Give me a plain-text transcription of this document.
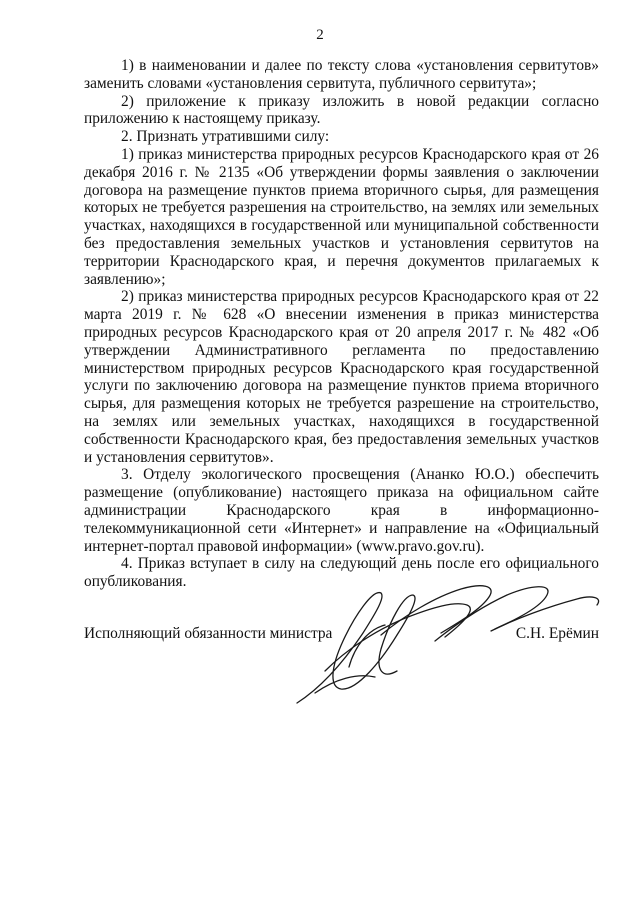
2

1) в наименовании и далее по тексту слова «установления сервитутов» заменить словами «установления сервитута, публичного сервитута»;

2) приложение к приказу изложить в новой редакции согласно приложению к настоящему приказу.

2. Признать утратившими силу:

1) приказ министерства природных ресурсов Краснодарского края от 26 декабря 2016 г. № 2135 «Об утверждении формы заявления о заключении договора на размещение пунктов приема вторичного сырья, для размещения которых не требуется разрешения на строительство, на землях или земельных участках, находящихся в государственной или муниципальной собственности без предоставления земельных участков и установления сервитутов на территории Краснодарского края, и перечня документов прилагаемых к заявлению»;

2) приказ министерства природных ресурсов Краснодарского края от 22 марта 2019 г. № 628 «О внесении изменения в приказ министерства природных ресурсов Краснодарского края от 20 апреля 2017 г. № 482 «Об утверждении Административного регламента по предоставлению министерством природных ресурсов Краснодарского края государственной услуги по заключению договора на размещение пунктов приема вторичного сырья, для размещения которых не требуется разрешение на строительство, на землях или земельных участках, находящихся в государственной собственности Краснодарского края, без предоставления земельных участков и установления сервитутов».

3. Отделу экологического просвещения (Ананко Ю.О.) обеспечить размещение (опубликование) настоящего приказа на официальном сайте администрации Краснодарского края в информационно-телекоммуникационной сети «Интернет» и направление на «Официальный интернет-портал правовой информации» (www.pravo.gov.ru).

4. Приказ вступает в силу на следующий день после его официального опубликования.

Исполняющий обязанности министра	С.Н. Ерёмин
